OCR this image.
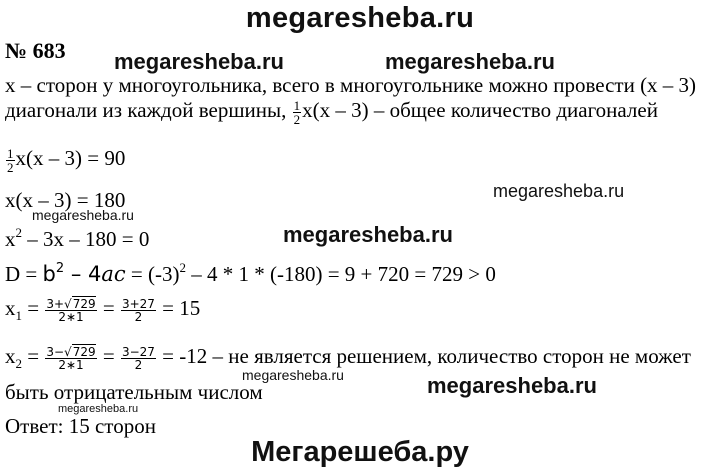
megaresheba.ru
№ 683 megaresheba.ru	megaresheba.ru
megaresheba.ru
megaresheba.ru
megaresheba.ru
megaresheba.ru	megaresheba.ru
megaresheba.ru
x – сторон у многоугольника, всего в многоугольнике можно провести (x – 3)
диагонали из каждой вершины, $\frac{1}{2} x(x - 3)$ – общее количество диагоналей
$\frac{1}{2} x(x - 3) = 90$
x(x – 3) = 180
$x^2 - 3x - 180 = 0$
$D = b^2 - 4ac = (-3)^2 - 4 * 1 * (-180) = 9 + 720 = 729 > 0$
$x_1 = \frac{3+√729}{2∗1} = \frac{3+27}{2} = 15$
$x_2 = \frac{3-√729}{2∗1} = \frac{3-27}{2} = -12$ – не является решением, количество сторон не может
быть отрицательным числом
Ответ: 15 сторон
Мегарешеба.ру
